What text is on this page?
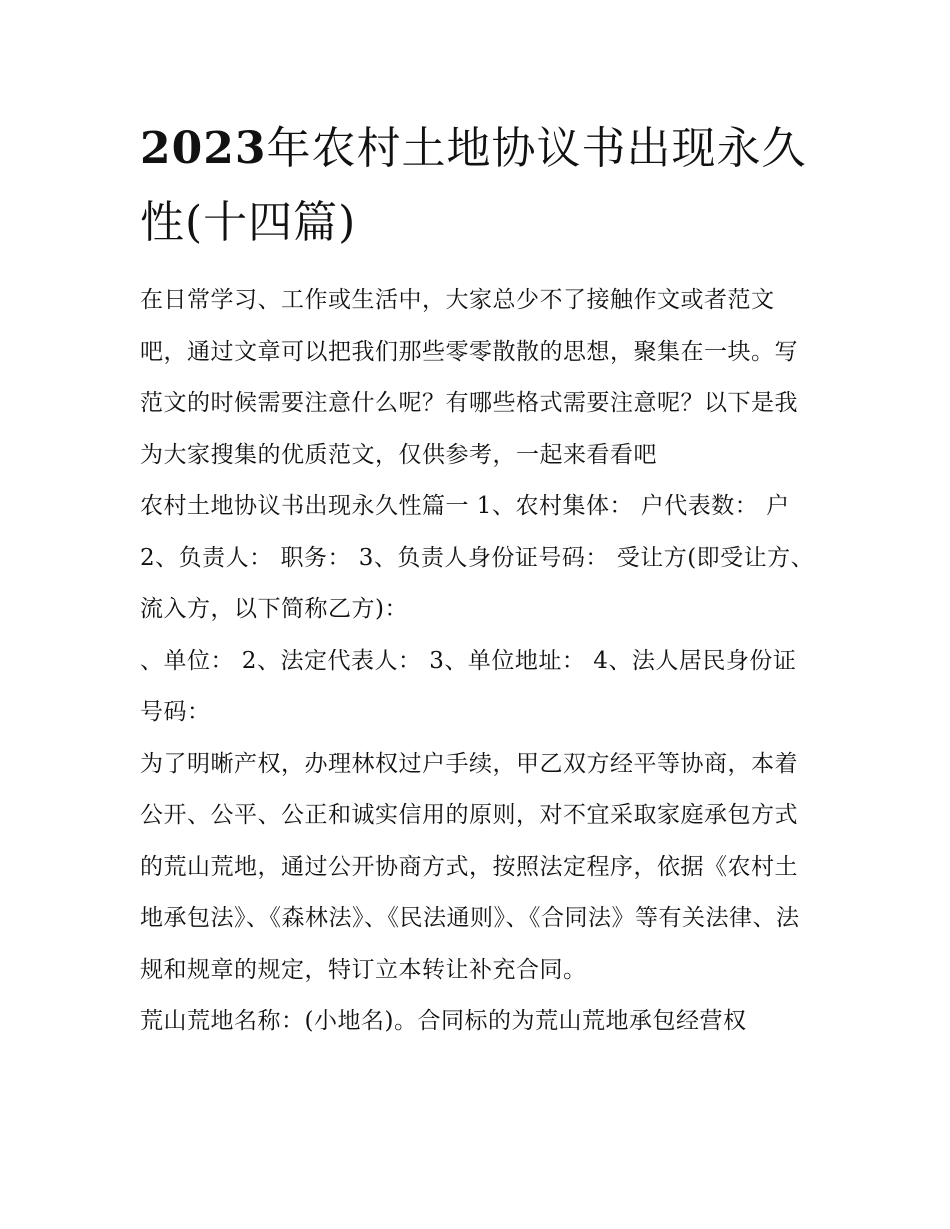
2023年农村土地协议书出现永久性(十四篇)

在日常学习、工作或生活中，大家总少不了接触作文或者范文吧，通过文章可以把我们那些零零散散的思想，聚集在一块。写范文的时候需要注意什么呢？有哪些格式需要注意呢？以下是我为大家搜集的优质范文，仅供参考，一起来看看吧

农村土地协议书出现永久性篇一 1、农村集体： 户代表数： 户 2、负责人： 职务： 3、负责人身份证号码： 受让方(即受让方、流入方，以下简称乙方)：

、单位： 2、法定代表人： 3、单位地址： 4、法人居民身份证号码：

为了明晰产权，办理林权过户手续，甲乙双方经平等协商，本着公开、公平、公正和诚实信用的原则，对不宜采取家庭承包方式的荒山荒地，通过公开协商方式，按照法定程序，依据《农村土地承包法》、《森林法》、《民法通则》、《合同法》等有关法律、法规和规章的规定，特订立本转让补充合同。

荒山荒地名称：(小地名)。合同标的为荒山荒地承包经营权
